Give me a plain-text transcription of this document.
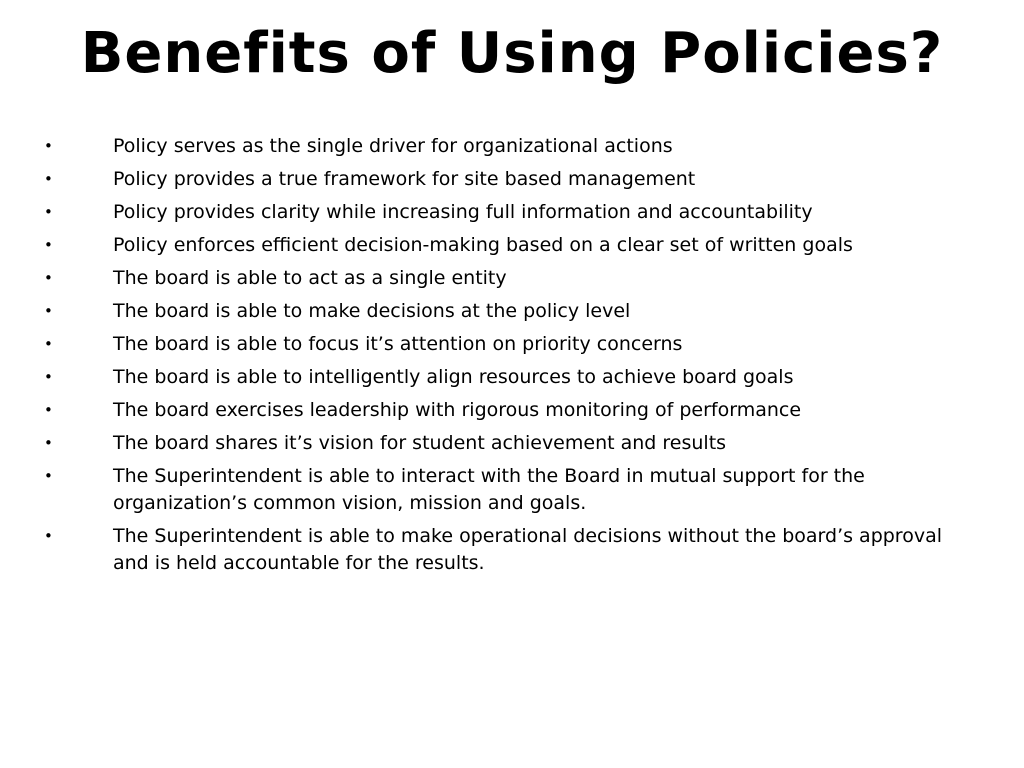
Benefits of Using Policies?
•	Policy serves as the single driver for organizational actions
•	Policy provides a true framework for site based management
•	Policy provides clarity while increasing full information and accountability
•	Policy enforces efficient decision-making based on a clear set of written goals
•	The board is able to act as a single entity
•	The board is able to make decisions at the policy level
•	The board is able to focus it’s attention on priority concerns
•	The board is able to intelligently align resources to achieve board goals
•	The board exercises leadership with rigorous monitoring of performance
•	The board shares it’s vision for student achievement and results
•	The Superintendent is able to interact with the Board in mutual support for the organization’s common vision, mission and goals.
•	The Superintendent is able to make operational decisions without the board’s approval and is held accountable for the results.
